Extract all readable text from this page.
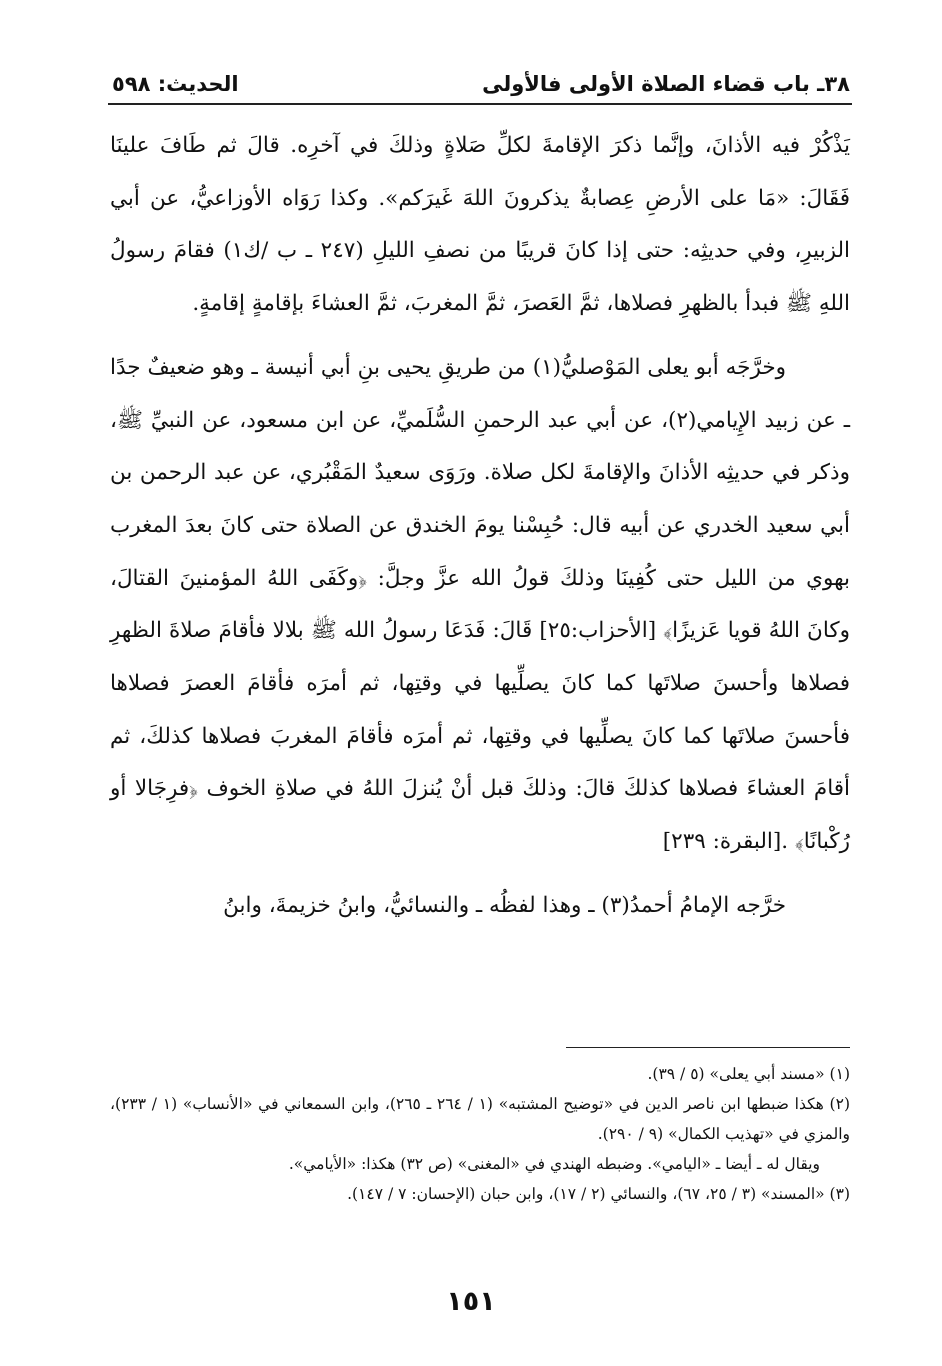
٣٨ـ باب قضاء الصلاة الأولى فالأولى
الحديث: ٥٩٨

يَذْكُرْ فيه الأذانَ، وإنَّما ذكرَ الإقامةَ لكلِّ صَلاةٍ وذلكَ في آخرِه. قالَ ثم طَافَ علينَا فَقَالَ: «مَا على الأرضِ عِصابةٌ يذكرونَ اللهَ غَيرَكم». وكذا رَوَاه الأوزاعيُّ، عن أبي الزبيرِ، وفي حديثِه: حتى إذا كانَ قريبًا من نصفِ الليلِ (٢٤٧ ـ ب /ك١) فقامَ رسولُ اللهِ ﷺ فبدأ بالظهرِ فصلاها، ثمَّ العَصرَ، ثمَّ المغربَ، ثمَّ العشاءَ بإقامةٍ إقامةٍ.

وخرَّجَه أبو يعلى المَوْصليُّ(١) من طريقِ يحيى بنِ أبي أنيسة ـ وهو ضعيفٌ جدًا ـ عن زبيد الإِيامي(٢)، عن أبي عبد الرحمنِ السُّلَميِّ، عن ابن مسعود، عن النبيِّ ﷺ، وذكر في حديثِه الأذانَ والإقامةَ لكل صلاة. ورَوَى سعيدٌ المَقْبُري، عن عبد الرحمن بن أبي سعيد الخدري عن أبيه قال: حُبِسْنا يومَ الخندق عن الصلاة حتى كانَ بعدَ المغرب بهوي من الليل حتى كُفِينَا وذلكَ قولُ الله عزَّ وجلَّ: ﴿وكَفَى اللهُ المؤمنينَ القتالَ، وكانَ اللهُ قويا عَزيزًا﴾ [الأحزاب:٢٥] قَالَ: فَدَعَا رسولُ الله ﷺ بلالا فأقامَ صلاةَ الظهرِ فصلاها وأحسنَ صلاتَها كما كانَ يصلِّيها في وقتِها، ثم أمرَه فأقامَ العصرَ فصلاها فأحسنَ صلاتَها كما كانَ يصلِّيها في وقتِها، ثم أمرَه فأقامَ المغربَ فصلاها كذلكَ، ثم أقامَ العشاءَ فصلاها كذلكَ قالَ: وذلكَ قبل أنْ يُنزلَ اللهُ في صلاةِ الخوف ﴿فرِجَالا أو رُكْبانًا﴾ .[البقرة: ٢٣٩]

خرَّجه الإمامُ أحمدُ(٣) ـ وهذا لفظُه ـ والنسائيُّ، وابنُ خزيمةَ، وابنُ

(١) «مسند أبي يعلى» (٥ / ٣٩).

(٢) هكذا ضبطها ابن ناصر الدين في «توضيح المشتبه» (١ / ٢٦٤ ـ ٢٦٥)، وابن السمعاني في «الأنساب» (١ / ٢٣٣)، والمزي في «تهذيب الكمال» (٩ / ٢٩٠).

ويقال له ـ أيضا ـ «اليامي». وضبطه الهندي في «المغنى» (ص ٣٢) هكذا: «الأيامي».

(٣) «المسند» (٣ / ٢٥، ٦٧)، والنسائي (٢ / ١٧)، وابن حبان (الإحسان: ٧ / ١٤٧).

١٥١
